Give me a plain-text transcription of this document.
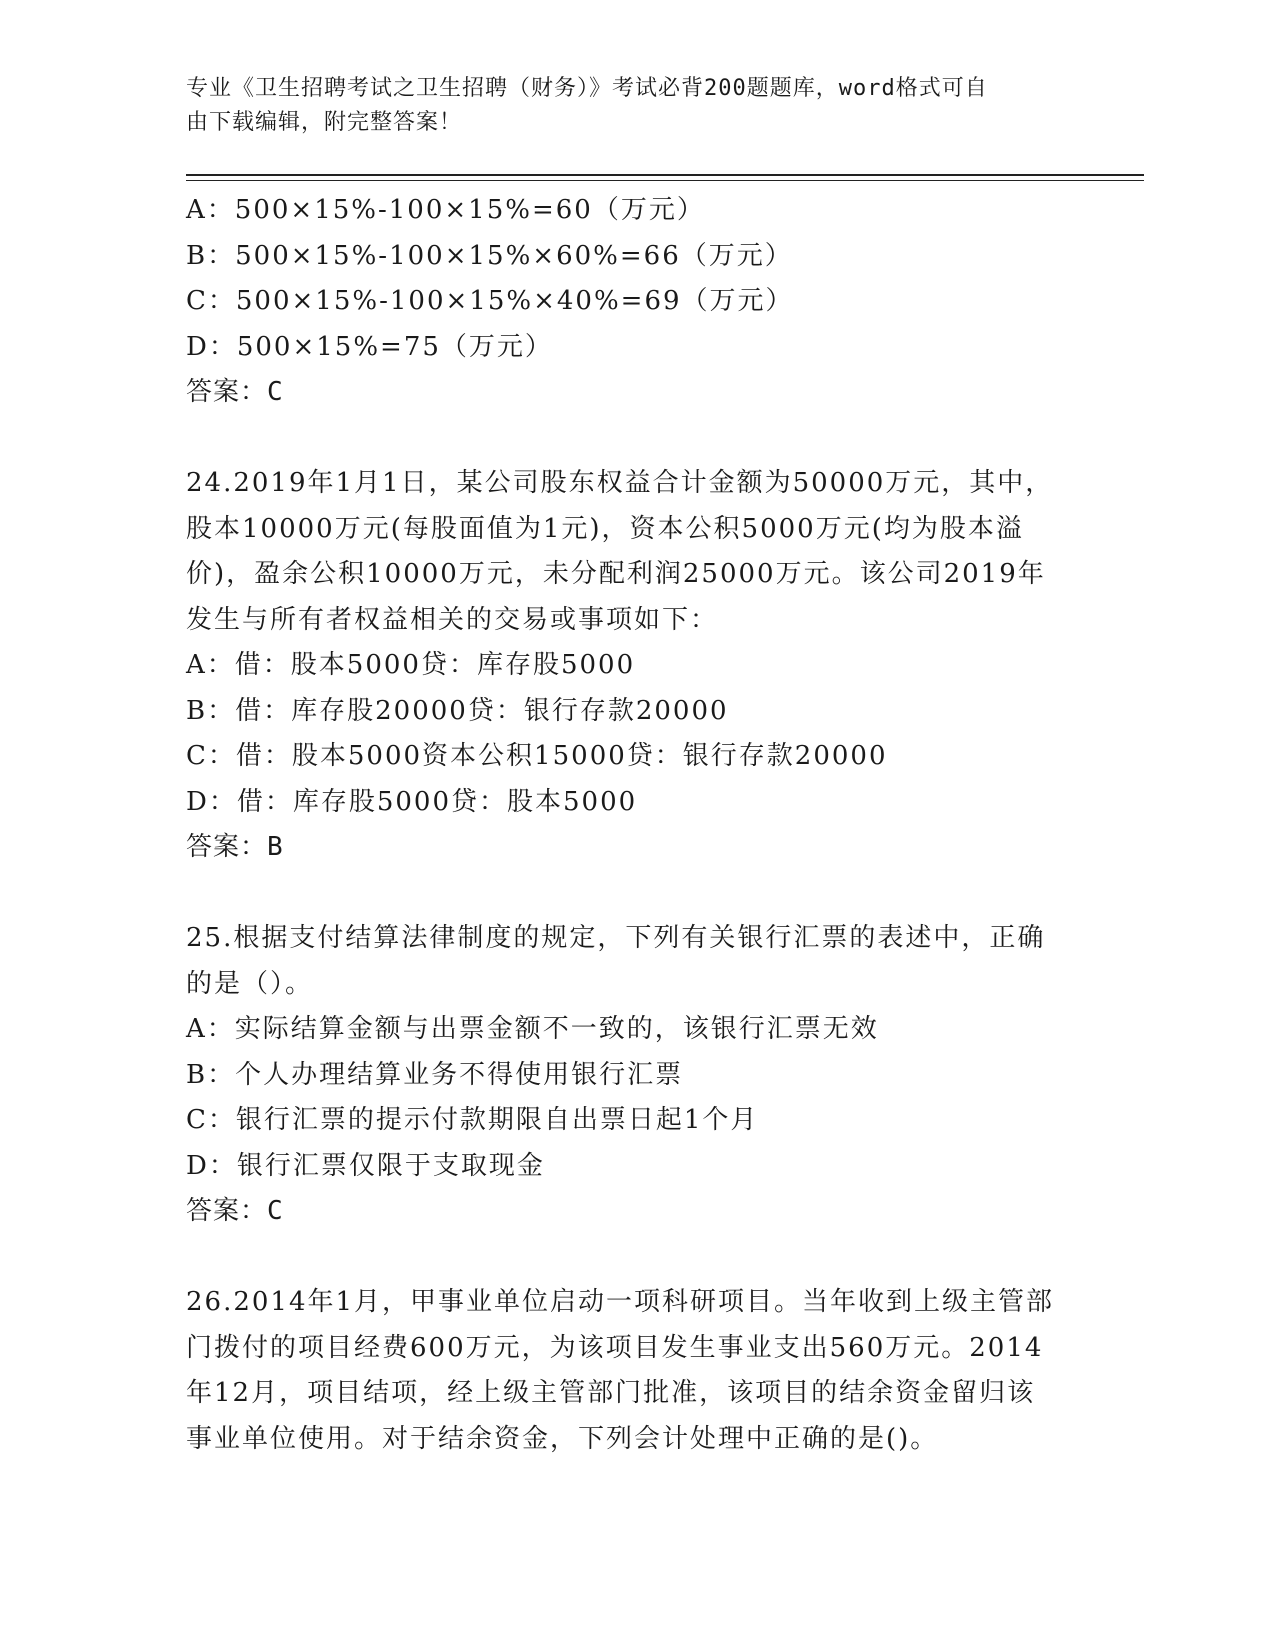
专业《卫生招聘考试之卫生招聘（财务）》考试必背200题题库，word格式可自
由下载编辑，附完整答案！
A：500×15%-100×15%=60（万元）
B：500×15%-100×15%×60%=66（万元）
C：500×15%-100×15%×40%=69（万元）
D：500×15%=75（万元）
答案：C
24.2019年1月1日，某公司股东权益合计金额为50000万元，其中，
股本10000万元(每股面值为1元)，资本公积5000万元(均为股本溢
价)，盈余公积10000万元，未分配利润25000万元。该公司2019年
发生与所有者权益相关的交易或事项如下：
A：借：股本5000贷：库存股5000
B：借：库存股20000贷：银行存款20000
C：借：股本5000资本公积15000贷：银行存款20000
D：借：库存股5000贷：股本5000
答案：B
25.根据支付结算法律制度的规定，下列有关银行汇票的表述中，正确
的是（）。
A：实际结算金额与出票金额不一致的，该银行汇票无效
B：个人办理结算业务不得使用银行汇票
C：银行汇票的提示付款期限自出票日起1个月
D：银行汇票仅限于支取现金
答案：C
26.2014年1月，甲事业单位启动一项科研项目。当年收到上级主管部
门拨付的项目经费600万元，为该项目发生事业支出560万元。2014
年12月，项目结项，经上级主管部门批准，该项目的结余资金留归该
事业单位使用。对于结余资金，下列会计处理中正确的是()。
